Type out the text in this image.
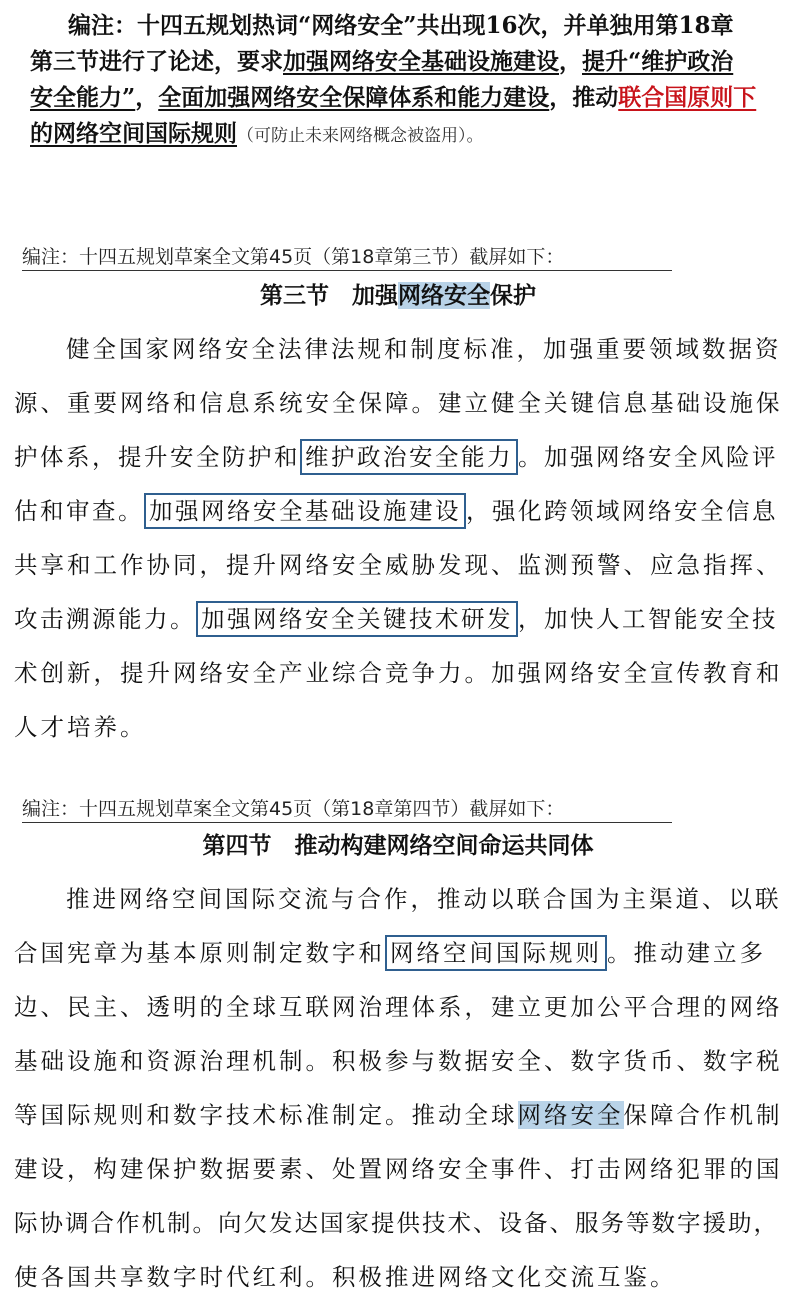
编注：十四五规划热词“网络安全”共出现16次，并单独用第18章
第三节进行了论述，要求加强网络安全基础设施建设，提升“维护政治
安全能力”，全面加强网络安全保障体系和能力建设，推动联合国原则下
的网络空间国际规则（可防止未来网络概念被盗用）。
编注：十四五规划草案全文第45页（第18章第三节）截屏如下：
第三节　加强网络安全保护
健全国家网络安全法律法规和制度标准，加强重要领域数据资
源、重要网络和信息系统安全保障。建立健全关键信息基础设施保
护体系，提升安全防护和 维护政治安全能力 。加强网络安全风险评
估和审查。 加强网络安全基础设施建设 ，强化跨领域网络安全信息
共享和工作协同，提升网络安全威胁发现、监测预警、应急指挥、
攻击溯源能力。 加强网络安全关键技术研发 ，加快人工智能安全技
术创新，提升网络安全产业综合竞争力。加强网络安全宣传教育和
人才培养。
编注：十四五规划草案全文第45页（第18章第四节）截屏如下：
第四节　推动构建网络空间命运共同体
推进网络空间国际交流与合作，推动以联合国为主渠道、以联
合国宪章为基本原则制定数字和 网络空间国际规则 。推动建立多
边、民主、透明的全球互联网治理体系，建立更加公平合理的网络
基础设施和资源治理机制。积极参与数据安全、数字货币、数字税
等国际规则和数字技术标准制定。推动全球网络安全保障合作机制
建设，构建保护数据要素、处置网络安全事件、打击网络犯罪的国
际协调合作机制。向欠发达国家提供技术、设备、服务等数字援助，
使各国共享数字时代红利。积极推进网络文化交流互鉴。
